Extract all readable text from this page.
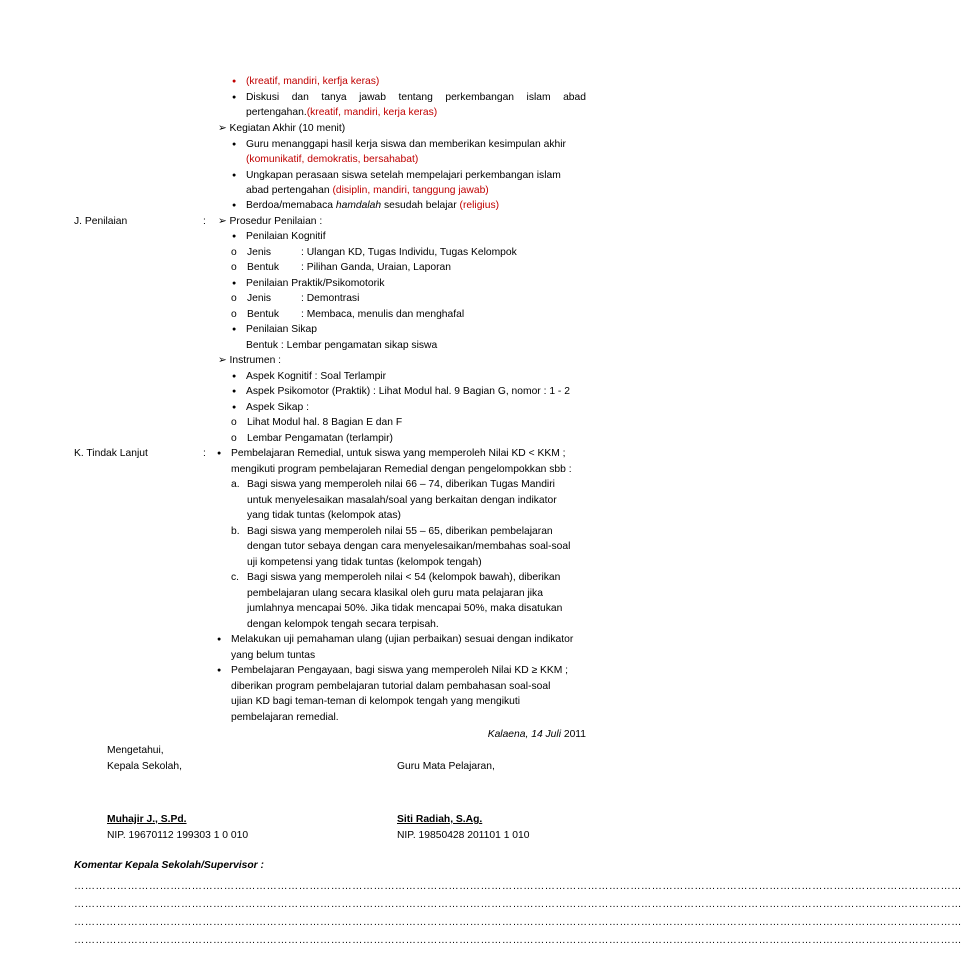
● (kreatif, mandiri, kerfja keras)
● Diskusi dan tanya jawab tentang perkembangan islam abad
pertengahan.(kreatif, mandiri, kerja keras)
➢ Kegiatan Akhir (10 menit)
● Guru menanggapi hasil kerja siswa dan memberikan kesimpulan akhir
(komunikatif, demokratis, bersahabat)
● Ungkapan perasaan siswa setelah mempelajari perkembangan islam
abad pertengahan (disiplin, mandiri, tanggung jawab)
● Berdoa/memabaca hamdalah sesudah belajar (religius)
J. Penilaian	: ➢ Prosedur Penilaian :
● Penilaian Kognitif
o Jenis	: Ulangan KD, Tugas Individu, Tugas Kelompok
o Bentuk : Pilihan Ganda, Uraian, Laporan
● Penilaian Praktik/Psikomotorik
o Jenis	: Demontrasi
o Bentuk : Membaca, menulis dan menghafal
● Penilaian Sikap
Bentuk : Lembar pengamatan sikap siswa
➢ Instrumen :
● Aspek Kognitif : Soal Terlampir
● Aspek Psikomotor (Praktik) : Lihat Modul hal. 9 Bagian G, nomor : 1 - 2
● Aspek Sikap :
o Lihat Modul hal. 8 Bagian E dan F
o Lembar Pengamatan (terlampir)
K. Tindak Lanjut	:
● Pembelajaran Remedial, untuk siswa yang memperoleh Nilai KD < KKM ;
mengikuti program pembelajaran Remedial dengan pengelompokkan sbb :
a. Bagi siswa yang memperoleh nilai 66 – 74, diberikan Tugas Mandiri
untuk menyelesaikan masalah/soal yang berkaitan dengan indikator
yang tidak tuntas (kelompok atas)
b. Bagi siswa yang memperoleh nilai 55 – 65, diberikan pembelajaran
dengan tutor sebaya dengan cara menyelesaikan/membahas soal-soal
uji kompetensi yang tidak tuntas (kelompok tengah)
c. Bagi siswa yang memperoleh nilai < 54 (kelompok bawah), diberikan
pembelajaran ulang secara klasikal oleh guru mata pelajaran jika
jumlahnya mencapai 50%. Jika tidak mencapai 50%, maka disatukan
dengan kelompok tengah secara terpisah.
● Melakukan uji pemahaman ulang (ujian perbaikan) sesuai dengan indikator
yang belum tuntas
● Pembelajaran Pengayaan, bagi siswa yang memperoleh Nilai KD ≥ KKM ;
diberikan program pembelajaran tutorial dalam pembahasan soal-soal
ujian KD bagi teman-teman di kelompok tengah yang mengikuti
pembelajaran remedial.
Kalaena, 14 Juli 2011
Mengetahui,
Kepala Sekolah,	Guru Mata Pelajaran,
Muhajir J., S.Pd.
NIP. 19670112 199303 1 0 010
Siti Radiah, S.Ag.
NIP. 19850428 201101 1 010
Komentar Kepala Sekolah/Supervisor :
……………………………………………………………………………………………………………………………………………………………………………………………………………………………
……………………………………………………………………………………………………………………………………………………………………………………………………………………………
……………………………………………………………………………………………………………………………………………………………………………………………………………………………
……………………………………………………………………………………………………………………………………………………………………………………………………………………………
